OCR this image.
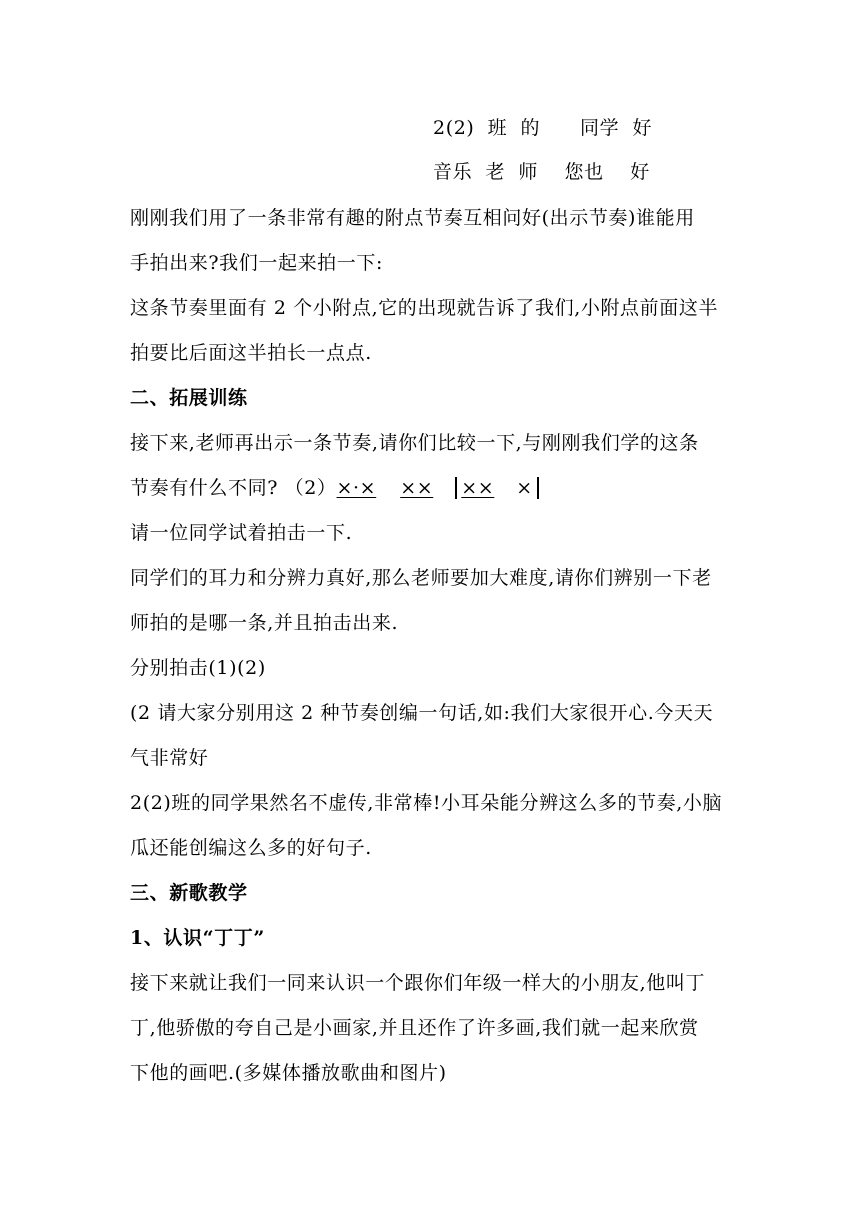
2(2)  班  的      同学  好
音乐  老  师    您也    好
刚刚我们用了一条非常有趣的附点节奏互相问好(出示节奏)谁能用
手拍出来?我们一起来拍一下:
这条节奏里面有 2 个小附点,它的出现就告诉了我们,小附点前面这半
拍要比后面这半拍长一点点.
二、拓展训练
接下来,老师再出示一条节奏,请你们比较一下,与刚刚我们学的这条
节奏有什么不同? （2）×·× ×× ×× ×
请一位同学试着拍击一下.
同学们的耳力和分辨力真好,那么老师要加大难度,请你们辨别一下老
师拍的是哪一条,并且拍击出来.
分别拍击(1)(2)
(2 请大家分别用这 2 种节奏创编一句话,如:我们大家很开心.今天天
气非常好
2(2)班的同学果然名不虚传,非常棒!小耳朵能分辨这么多的节奏,小脑
瓜还能创编这么多的好句子.
三、新歌教学
1、认识“丁丁”
接下来就让我们一同来认识一个跟你们年级一样大的小朋友,他叫丁
丁,他骄傲的夸自己是小画家,并且还作了许多画,我们就一起来欣赏
下他的画吧.(多媒体播放歌曲和图片)
